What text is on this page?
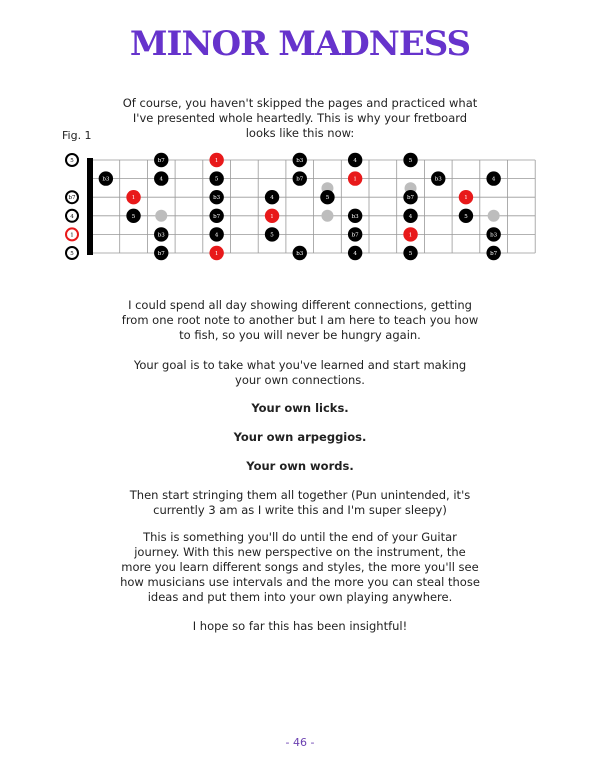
MINOR MADNESS
Of course, you haven't skipped the pages and practiced what I've presented whole heartedly. This is why your fretboard looks like this now:
Fig. 1
5
b7
4
1
5
b7	1	b3	4	5
b3	4	5	b7	1	b3	4
1	b3	4	5	b7	1
5	b7	1	b3	4	5
b3	4	5	b7	1	b3
b7	1	b3	4	5	b7
I could spend all day showing different connections, getting from one root note to another but I am here to teach you how to fish, so you will never be hungry again.
Your goal is to take what you've learned and start making your own connections.
Your own licks.
Your own arpeggios.
Your own words.
Then start stringing them all together (Pun unintended, it's currently 3 am as I write this and I'm super sleepy)
This is something you'll do until the end of your Guitar journey. With this new perspective on the instrument, the more you learn different songs and styles, the more you'll see how musicians use intervals and the more you can steal those ideas and put them into your own playing anywhere.
I hope so far this has been insightful!
- 46 -
